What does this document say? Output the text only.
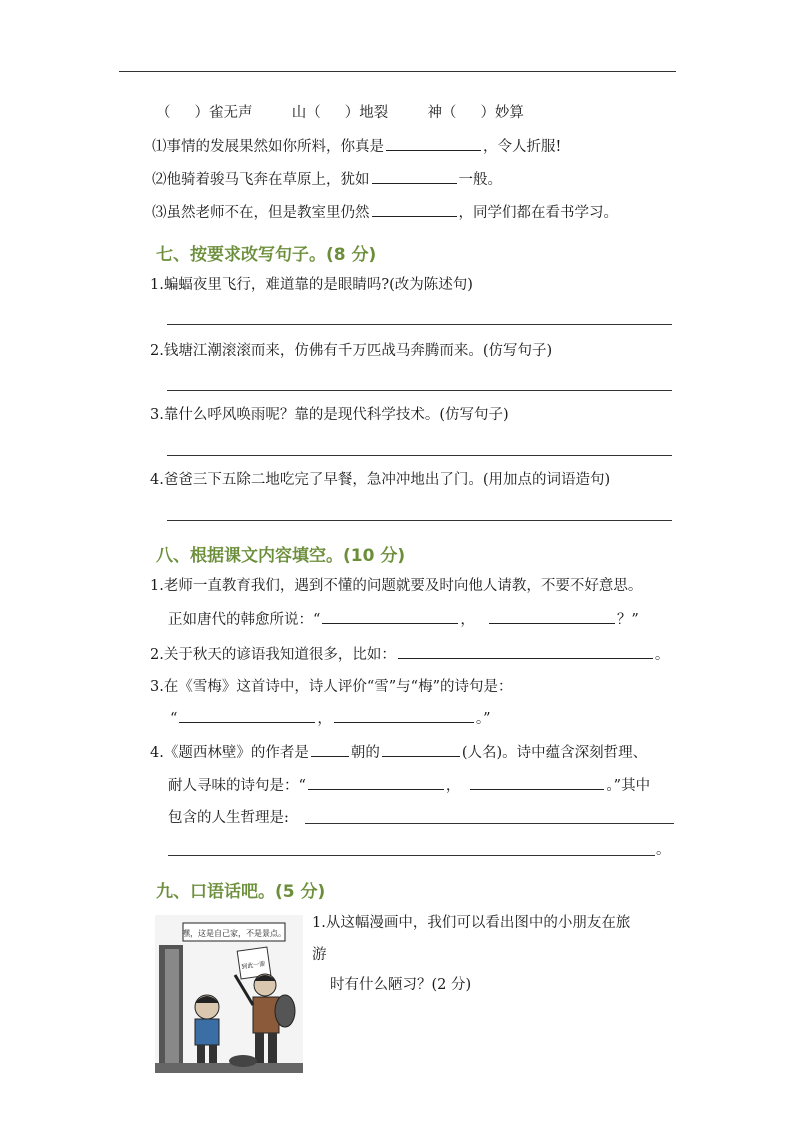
（ ）雀无声	山（ ）地裂	神（ ）妙算
⑴事情的发展果然如你所料，你真是	，令人折服!
⑵他骑着骏马飞奔在草原上，犹如	一般。
⑶虽然老师不在，但是教室里仍然	，同学们都在看书学习。
七、按要求改写句子。(8 分)
1.蝙蝠夜里飞行，难道靠的是眼睛吗?(改为陈述句)
2.钱塘江潮滚滚而来，仿佛有千万匹战马奔腾而来。(仿写句子)
3.靠什么呼风唤雨呢？靠的是现代科学技术。(仿写句子)
4.爸爸三下五除二地吃完了早餐，急冲冲地出了门。(用加点的词语造句)
八、根据课文内容填空。(10 分)
1.老师一直教育我们，遇到不懂的问题就要及时向他人请教，不要不好意思。
正如唐代的韩愈所说：“	，	？”
2.关于秋天的谚语我知道很多，比如：	。
3.在《雪梅》这首诗中，诗人评价“雪”与“梅”的诗句是：
“	，	。”
4.《题西林壁》的作者是	朝的	(人名)。诗中蕴含深刻哲理、
耐人寻味的诗句是：“	，	。”其中
包含的人生哲理是:
。
九、口语话吧。(5 分)
嘿，这是自己家，不是景点。
到此一游
1.从这幅漫画中，我们可以看出图中的小朋友在旅
游
时有什么陋习？(2 分)
